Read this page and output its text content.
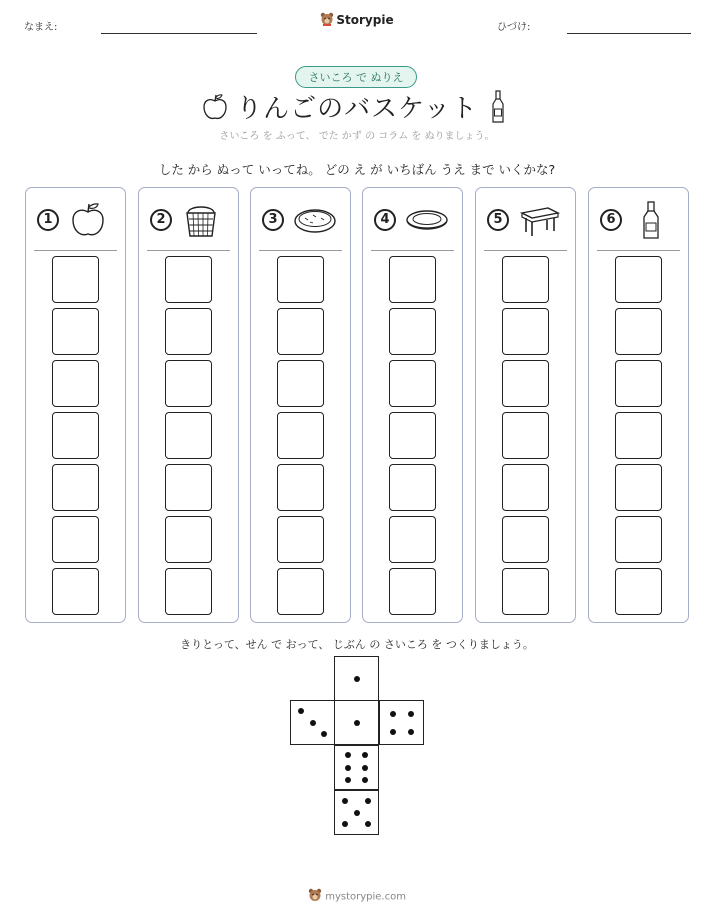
なまえ:
Storypie
ひづけ:
さいころ で ぬりえ
りんごのバスケット
さいころ を ふって、 でた かず の コラム を ぬりましょう。
した から ぬって いってね。 どの え が いちばん うえ まで いくかな?
1	2	3	4	5	6
きりとって、せん で おって、 じぶん の さいころ を つくりましょう。
mystorypie.com
